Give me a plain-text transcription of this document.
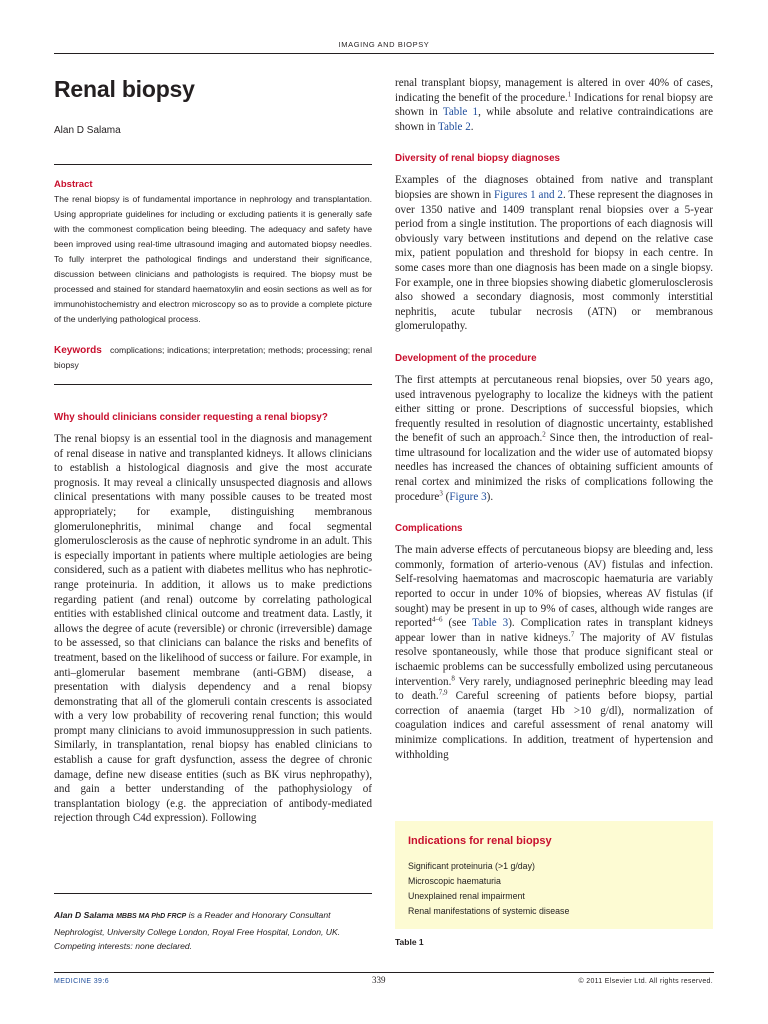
IMAGING AND BIOPSY
Renal biopsy
Alan D Salama
Abstract

The renal biopsy is of fundamental importance in nephrology and transplantation. Using appropriate guidelines for including or excluding patients it is generally safe with the commonest complication being bleeding. The adequacy and safety have been improved using real-time ultrasound imaging and automated biopsy needles. To fully interpret the pathological findings and understand their significance, discussion between clinicians and pathologists is required. The biopsy must be processed and stained for standard haematoxylin and eosin sections as well as for immunohistochemistry and electron microscopy so as to provide a complete picture of the underlying pathological process.

Keywords complications; indications; interpretation; methods; processing; renal biopsy

Why should clinicians consider requesting a renal biopsy?

The renal biopsy is an essential tool in the diagnosis and management of renal disease in native and transplanted kidneys. It allows clinicians to establish a histological diagnosis and give the most accurate prognosis. It may reveal a clinically unsuspected diagnosis and allows clinical presentations with many possible causes to be treated most appropriately; for example, distinguishing membranous glomerulonephritis, minimal change and focal segmental glomerulosclerosis as the cause of nephrotic syndrome in an adult. This is especially important in patients where multiple aetiologies are being considered, such as a patient with diabetes mellitus who has nephrotic-range proteinuria. In addition, it allows us to make predictions regarding patient (and renal) outcome by correlating pathological entities with established clinical outcome and treatment data. Lastly, it allows the degree of acute (reversible) or chronic (irreversible) damage to be assessed, so that clinicians can balance the risks and benefits of treatment, based on the likelihood of success or failure. For example, in anti–glomerular basement membrane (anti-GBM) disease, a presentation with dialysis dependency and a renal biopsy demonstrating that all of the glomeruli contain crescents is associated with a very low probability of recovering renal function; this would prompt many clinicians to avoid immunosuppression in such patients. Similarly, in transplantation, renal biopsy has enabled clinicians to establish a cause for graft dysfunction, assess the degree of chronic damage, define new disease entities (such as BK virus nephropathy), and gain a better understanding of the pathophysiology of transplantation biology (e.g. the appreciation of antibody-mediated rejection through C4d expression). Following

Alan D Salama MBBS MA PhD FRCP is a Reader and Honorary Consultant Nephrologist, University College London, Royal Free Hospital, London, UK. Competing interests: none declared.

renal transplant biopsy, management is altered in over 40% of cases, indicating the benefit of the procedure.$^1$ Indications for renal biopsy are shown in Table 1, while absolute and relative contraindications are shown in Table 2.

Diversity of renal biopsy diagnoses

Examples of the diagnoses obtained from native and transplant biopsies are shown in Figures 1 and 2. These represent the diagnoses in over 1350 native and 1409 transplant renal biopsies over a 5-year period from a single institution. The proportions of each diagnosis will obviously vary between institutions and depend on the relative case mix, patient population and threshold for biopsy in each centre. In some cases more than one diagnosis has been made on a single biopsy. For example, one in three biopsies showing diabetic glomerulosclerosis also showed a secondary diagnosis, most commonly interstitial nephritis, acute tubular necrosis (ATN) or membranous glomerulopathy.

Development of the procedure

The first attempts at percutaneous renal biopsies, over 50 years ago, used intravenous pyelography to localize the kidneys with the patient either sitting or prone. Descriptions of successful biopsies, which frequently resulted in resolution of diagnostic uncertainty, established the benefit of such an approach.$^2$ Since then, the introduction of real-time ultrasound for localization and the wider use of automated biopsy needles has increased the chances of obtaining sufficient amounts of renal cortex and minimized the risks of complications following the procedure$^3$ (Figure 3).

Complications

The main adverse effects of percutaneous biopsy are bleeding and, less commonly, formation of arterio-venous (AV) fistulas and infection. Self-resolving haematomas and macroscopic haematuria are variably reported to occur in under 10% of biopsies, whereas AV fistulas (if sought) may be present in up to 9% of cases, although wide ranges are reported$^{4-6}$ (see Table 3). Complication rates in transplant kidneys appear lower than in native kidneys.$^7$ The majority of AV fistulas resolve spontaneously, while those that produce significant steal or ischaemic problems can be successfully embolized using percutaneous intervention.$^8$ Very rarely, undiagnosed perinephric bleeding may lead to death.$^{7,9}$ Careful screening of patients before biopsy, partial correction of anaemia (target Hb >10 g/dl), normalization of coagulation indices and careful assessment of renal anatomy will minimize complications. In addition, treatment of hypertension and withholding

Indications for renal biopsy
Significant proteinuria (>1 g/day)
Microscopic haematuria
Unexplained renal impairment
Renal manifestations of systemic disease
Table 1
MEDICINE 39:6	339	© 2011 Elsevier Ltd. All rights reserved.
